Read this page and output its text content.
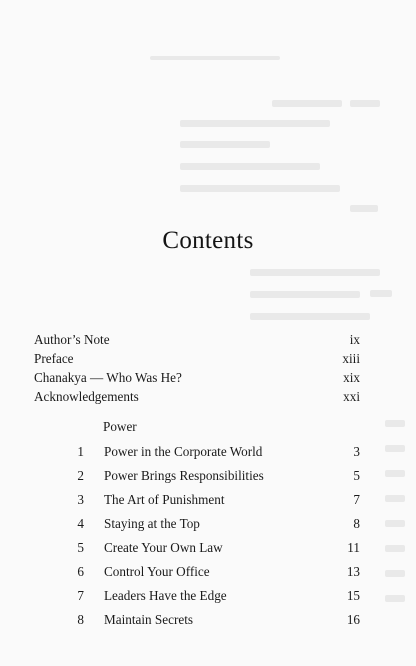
Contents
Author’s Note	ix
Preface	xiii
Chanakya — Who Was He?	xix
Acknowledgements	xxi
Power
1 Power in the Corporate World	3
2 Power Brings Responsibilities	5
3 The Art of Punishment	7
4 Staying at the Top	8
5 Create Your Own Law	11
6 Control Your Office	13
7 Leaders Have the Edge	15
8 Maintain Secrets	16
